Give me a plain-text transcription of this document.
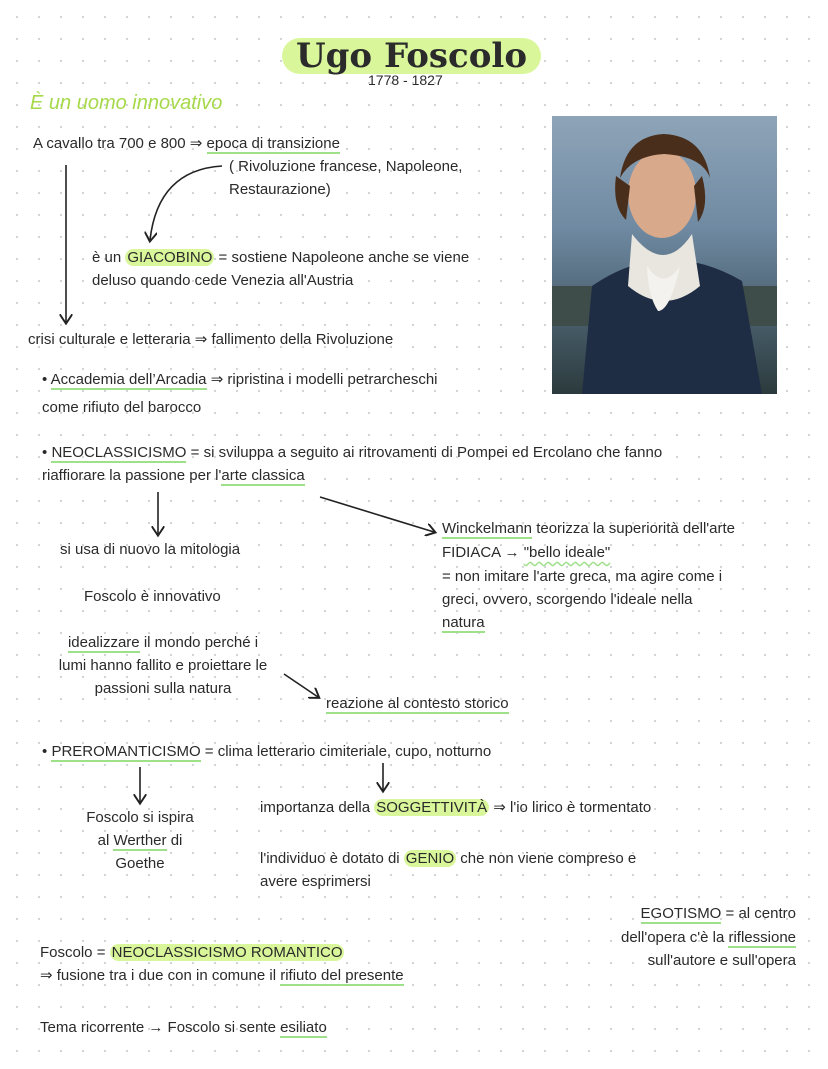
Ugo Foscolo
1778 - 1827
È un uomo innovativo
A cavallo tra 700 e 800 ⇒ epoca di transizione
( Rivoluzione francese, Napoleone,
Restaurazione)
è un GIACOBINO = sostiene Napoleone anche se viene
deluso quando cede Venezia all'Austria
crisi culturale e letteraria ⇒ fallimento della Rivoluzione
• Accademia dell’Arcadia ⇒ ripristina i modelli petrarcheschi
come rifiuto del barocco
• NEOCLASSICISMO = si sviluppa a seguito ai ritrovamenti di Pompei ed Ercolano che fanno
riaffiorare la passione per l'arte classica
si usa di nuovo la mitologia
Foscolo è innovativo
idealizzare il mondo perché i
lumi hanno fallito e proiettare le
passioni sulla natura
reazione al contesto storico
Winckelmann teorizza la superiorità dell'arte
FIDIACA → "bello ideale"
= non imitare l'arte greca, ma agire come i
greci, ovvero, scorgendo l'ideale nella
natura
• PREROMANTICISMO = clima letterario cimiteriale, cupo, notturno
Foscolo si ispira
al Werther di
Goethe
importanza della SOGGETTIVITÀ ⇒ l'io lirico è tormentato
l'individuo è dotato di GENIO che non viene compreso e
avere esprimersi
EGOTISMO = al centro
dell'opera c'è la riflessione
sull'autore e sull'opera
Foscolo = NEOCLASSICISMO ROMANTICO
⇒ fusione tra i due con in comune il rifiuto del presente
Tema ricorrente → Foscolo si sente esiliato
